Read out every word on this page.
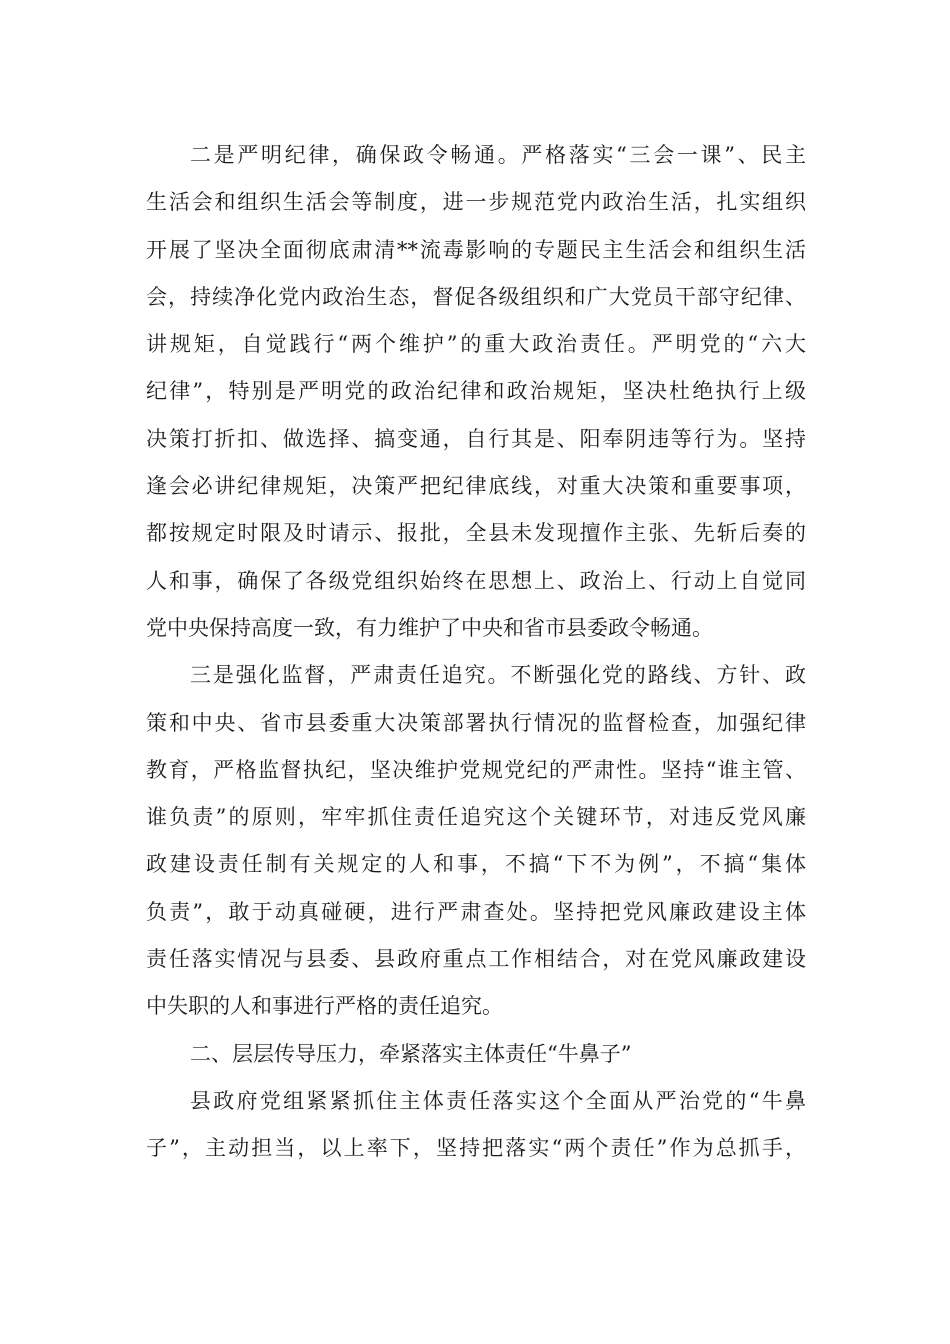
二是严明纪律，确保政令畅通。严格落实“三会一课”、民主
生活会和组织生活会等制度，进一步规范党内政治生活，扎实组织
开展了坚决全面彻底肃清**流毒影响的专题民主生活会和组织生活
会，持续净化党内政治生态，督促各级组织和广大党员干部守纪律、
讲规矩，自觉践行“两个维护”的重大政治责任。严明党的“六大
纪律”，特别是严明党的政治纪律和政治规矩，坚决杜绝执行上级
决策打折扣、做选择、搞变通，自行其是、阳奉阴违等行为。坚持
逢会必讲纪律规矩，决策严把纪律底线，对重大决策和重要事项，
都按规定时限及时请示、报批，全县未发现擅作主张、先斩后奏的
人和事，确保了各级党组织始终在思想上、政治上、行动上自觉同
党中央保持高度一致，有力维护了中央和省市县委政令畅通。
三是强化监督，严肃责任追究。不断强化党的路线、方针、政
策和中央、省市县委重大决策部署执行情况的监督检查，加强纪律
教育，严格监督执纪，坚决维护党规党纪的严肃性。坚持“谁主管、
谁负责”的原则，牢牢抓住责任追究这个关键环节，对违反党风廉
政建设责任制有关规定的人和事，不搞“下不为例”，不搞“集体
负责”，敢于动真碰硬，进行严肃查处。坚持把党风廉政建设主体
责任落实情况与县委、县政府重点工作相结合，对在党风廉政建设
中失职的人和事进行严格的责任追究。
二、层层传导压力，牵紧落实主体责任“牛鼻子”
县政府党组紧紧抓住主体责任落实这个全面从严治党的“牛鼻
子”，主动担当，以上率下，坚持把落实“两个责任”作为总抓手，
